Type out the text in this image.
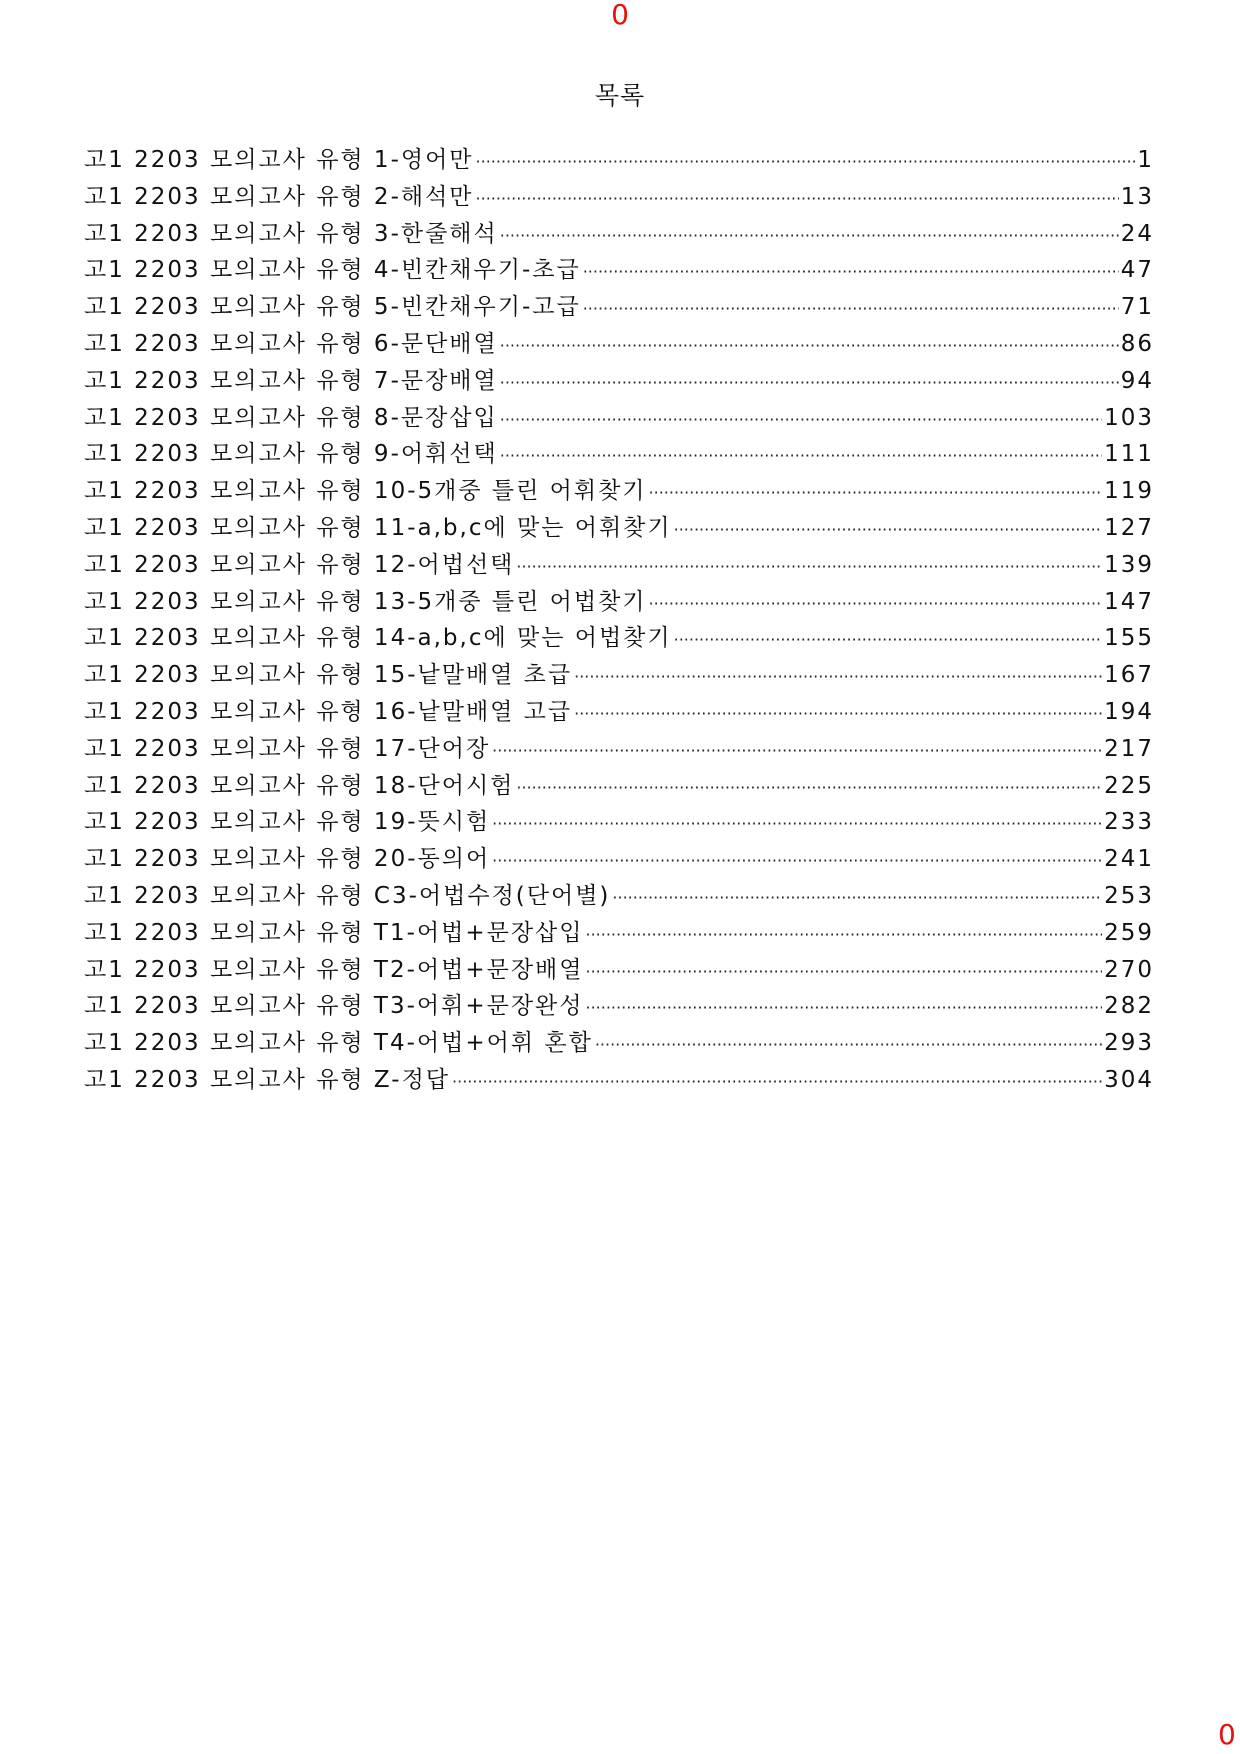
0
목록
고1 2203 모의고사 유형 1-영어만 ·····	1
고1 2203 모의고사 유형 2-해석만 ·····	13
고1 2203 모의고사 유형 3-한줄해석 ·····	24
고1 2203 모의고사 유형 4-빈칸채우기-초급 ·····	47
고1 2203 모의고사 유형 5-빈칸채우기-고급 ·····	71
고1 2203 모의고사 유형 6-문단배열 ·····	86
고1 2203 모의고사 유형 7-문장배열 ·····	94
고1 2203 모의고사 유형 8-문장삽입 ·····	103
고1 2203 모의고사 유형 9-어휘선택 ·····	111
고1 2203 모의고사 유형 10-5개중 틀린 어휘찾기 ·····	119
고1 2203 모의고사 유형 11-a,b,c에 맞는 어휘찾기 ·····	127
고1 2203 모의고사 유형 12-어법선택 ·····	139
고1 2203 모의고사 유형 13-5개중 틀린 어법찾기 ·····	147
고1 2203 모의고사 유형 14-a,b,c에 맞는 어법찾기 ·····	155
고1 2203 모의고사 유형 15-낱말배열 초급 ·····	167
고1 2203 모의고사 유형 16-낱말배열 고급 ·····	194
고1 2203 모의고사 유형 17-단어장 ·····	217
고1 2203 모의고사 유형 18-단어시험 ·····	225
고1 2203 모의고사 유형 19-뜻시험 ·····	233
고1 2203 모의고사 유형 20-동의어 ·····	241
고1 2203 모의고사 유형 C3-어법수정(단어별) ·····	253
고1 2203 모의고사 유형 T1-어법+문장삽입 ·····	259
고1 2203 모의고사 유형 T2-어법+문장배열 ·····	270
고1 2203 모의고사 유형 T3-어휘+문장완성 ·····	282
고1 2203 모의고사 유형 T4-어법+어휘 혼합 ·····	293
고1 2203 모의고사 유형 Z-정답 ·····	304
0
